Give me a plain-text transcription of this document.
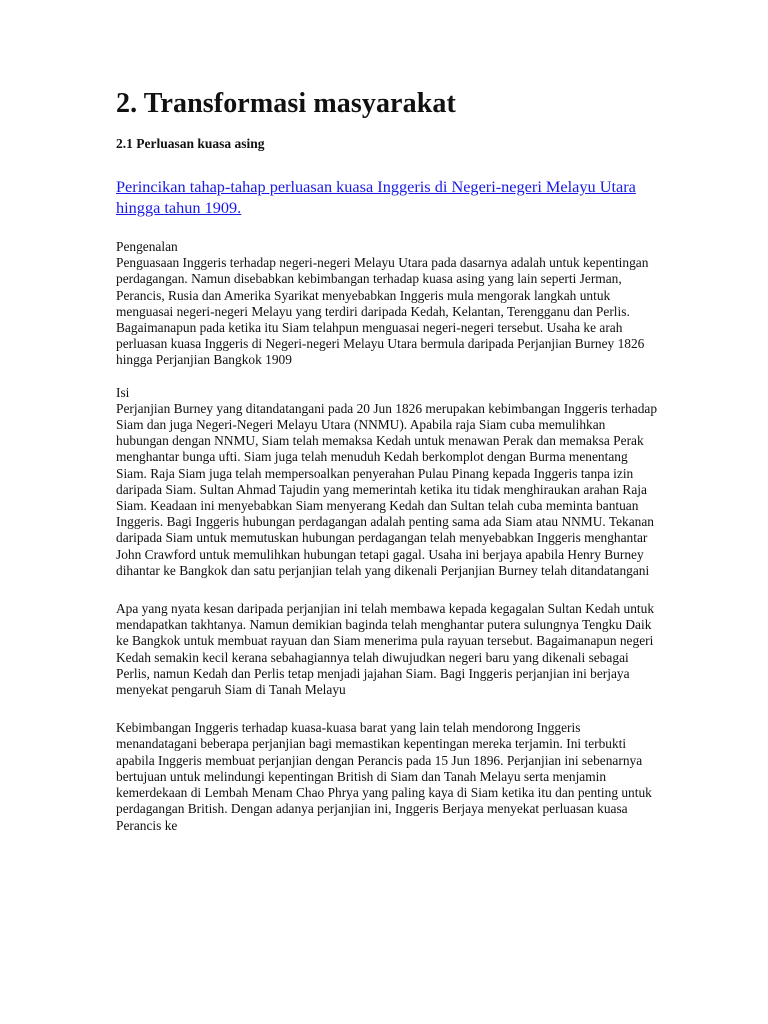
2. Transformasi masyarakat
2.1 Perluasan kuasa asing

Perincikan tahap-tahap perluasan kuasa Inggeris di Negeri-negeri Melayu Utara hingga tahun 1909.

Pengenalan

Penguasaan Inggeris terhadap negeri-negeri Melayu Utara pada dasarnya adalah untuk kepentingan perdagangan. Namun disebabkan kebimbangan terhadap kuasa asing yang lain seperti Jerman, Perancis, Rusia dan Amerika Syarikat menyebabkan Inggeris mula mengorak langkah untuk menguasai negeri-negeri Melayu yang terdiri daripada Kedah, Kelantan, Terengganu dan Perlis. Bagaimanapun pada ketika itu Siam telahpun menguasai negeri-negeri tersebut. Usaha ke arah perluasan kuasa Inggeris di Negeri-negeri Melayu Utara bermula daripada Perjanjian Burney 1826 hingga Perjanjian Bangkok 1909

Isi

Perjanjian Burney yang ditandatangani pada 20 Jun 1826 merupakan kebimbangan Inggeris terhadap Siam dan juga Negeri-Negeri Melayu Utara (NNMU). Apabila raja Siam cuba memulihkan hubungan dengan NNMU, Siam telah memaksa Kedah untuk menawan Perak dan memaksa Perak menghantar bunga ufti. Siam juga telah menuduh Kedah berkomplot dengan Burma menentang Siam. Raja Siam juga telah mempersoalkan penyerahan Pulau Pinang kepada Inggeris tanpa izin daripada Siam. Sultan Ahmad Tajudin yang memerintah ketika itu tidak menghiraukan arahan Raja Siam. Keadaan ini menyebabkan Siam menyerang Kedah dan Sultan telah cuba meminta bantuan Inggeris. Bagi Inggeris hubungan perdagangan adalah penting sama ada Siam atau NNMU. Tekanan daripada Siam untuk memutuskan hubungan perdagangan telah menyebabkan Inggeris menghantar John Crawford untuk memulihkan hubungan tetapi gagal. Usaha ini berjaya apabila Henry Burney dihantar ke Bangkok dan satu perjanjian telah yang dikenali Perjanjian Burney telah ditandatangani

Apa yang nyata kesan daripada perjanjian ini telah membawa kepada kegagalan Sultan Kedah untuk mendapatkan takhtanya. Namun demikian baginda telah menghantar putera sulungnya Tengku Daik ke Bangkok untuk membuat rayuan dan Siam menerima pula rayuan tersebut. Bagaimanapun negeri Kedah semakin kecil kerana sebahagiannya telah diwujudkan negeri baru yang dikenali sebagai Perlis, namun Kedah dan Perlis tetap menjadi jajahan Siam. Bagi Inggeris perjanjian ini berjaya menyekat pengaruh Siam di Tanah Melayu

Kebimbangan Inggeris terhadap kuasa-kuasa barat yang lain telah mendorong Inggeris menandatagani beberapa perjanjian bagi memastikan kepentingan mereka terjamin. Ini terbukti apabila Inggeris membuat perjanjian dengan Perancis pada 15 Jun 1896. Perjanjian ini sebenarnya bertujuan untuk melindungi kepentingan British di Siam dan Tanah Melayu serta menjamin kemerdekaan di Lembah Menam Chao Phrya yang paling kaya di Siam ketika itu dan penting untuk perdagangan British. Dengan adanya perjanjian ini, Inggeris Berjaya menyekat perluasan kuasa Perancis ke
